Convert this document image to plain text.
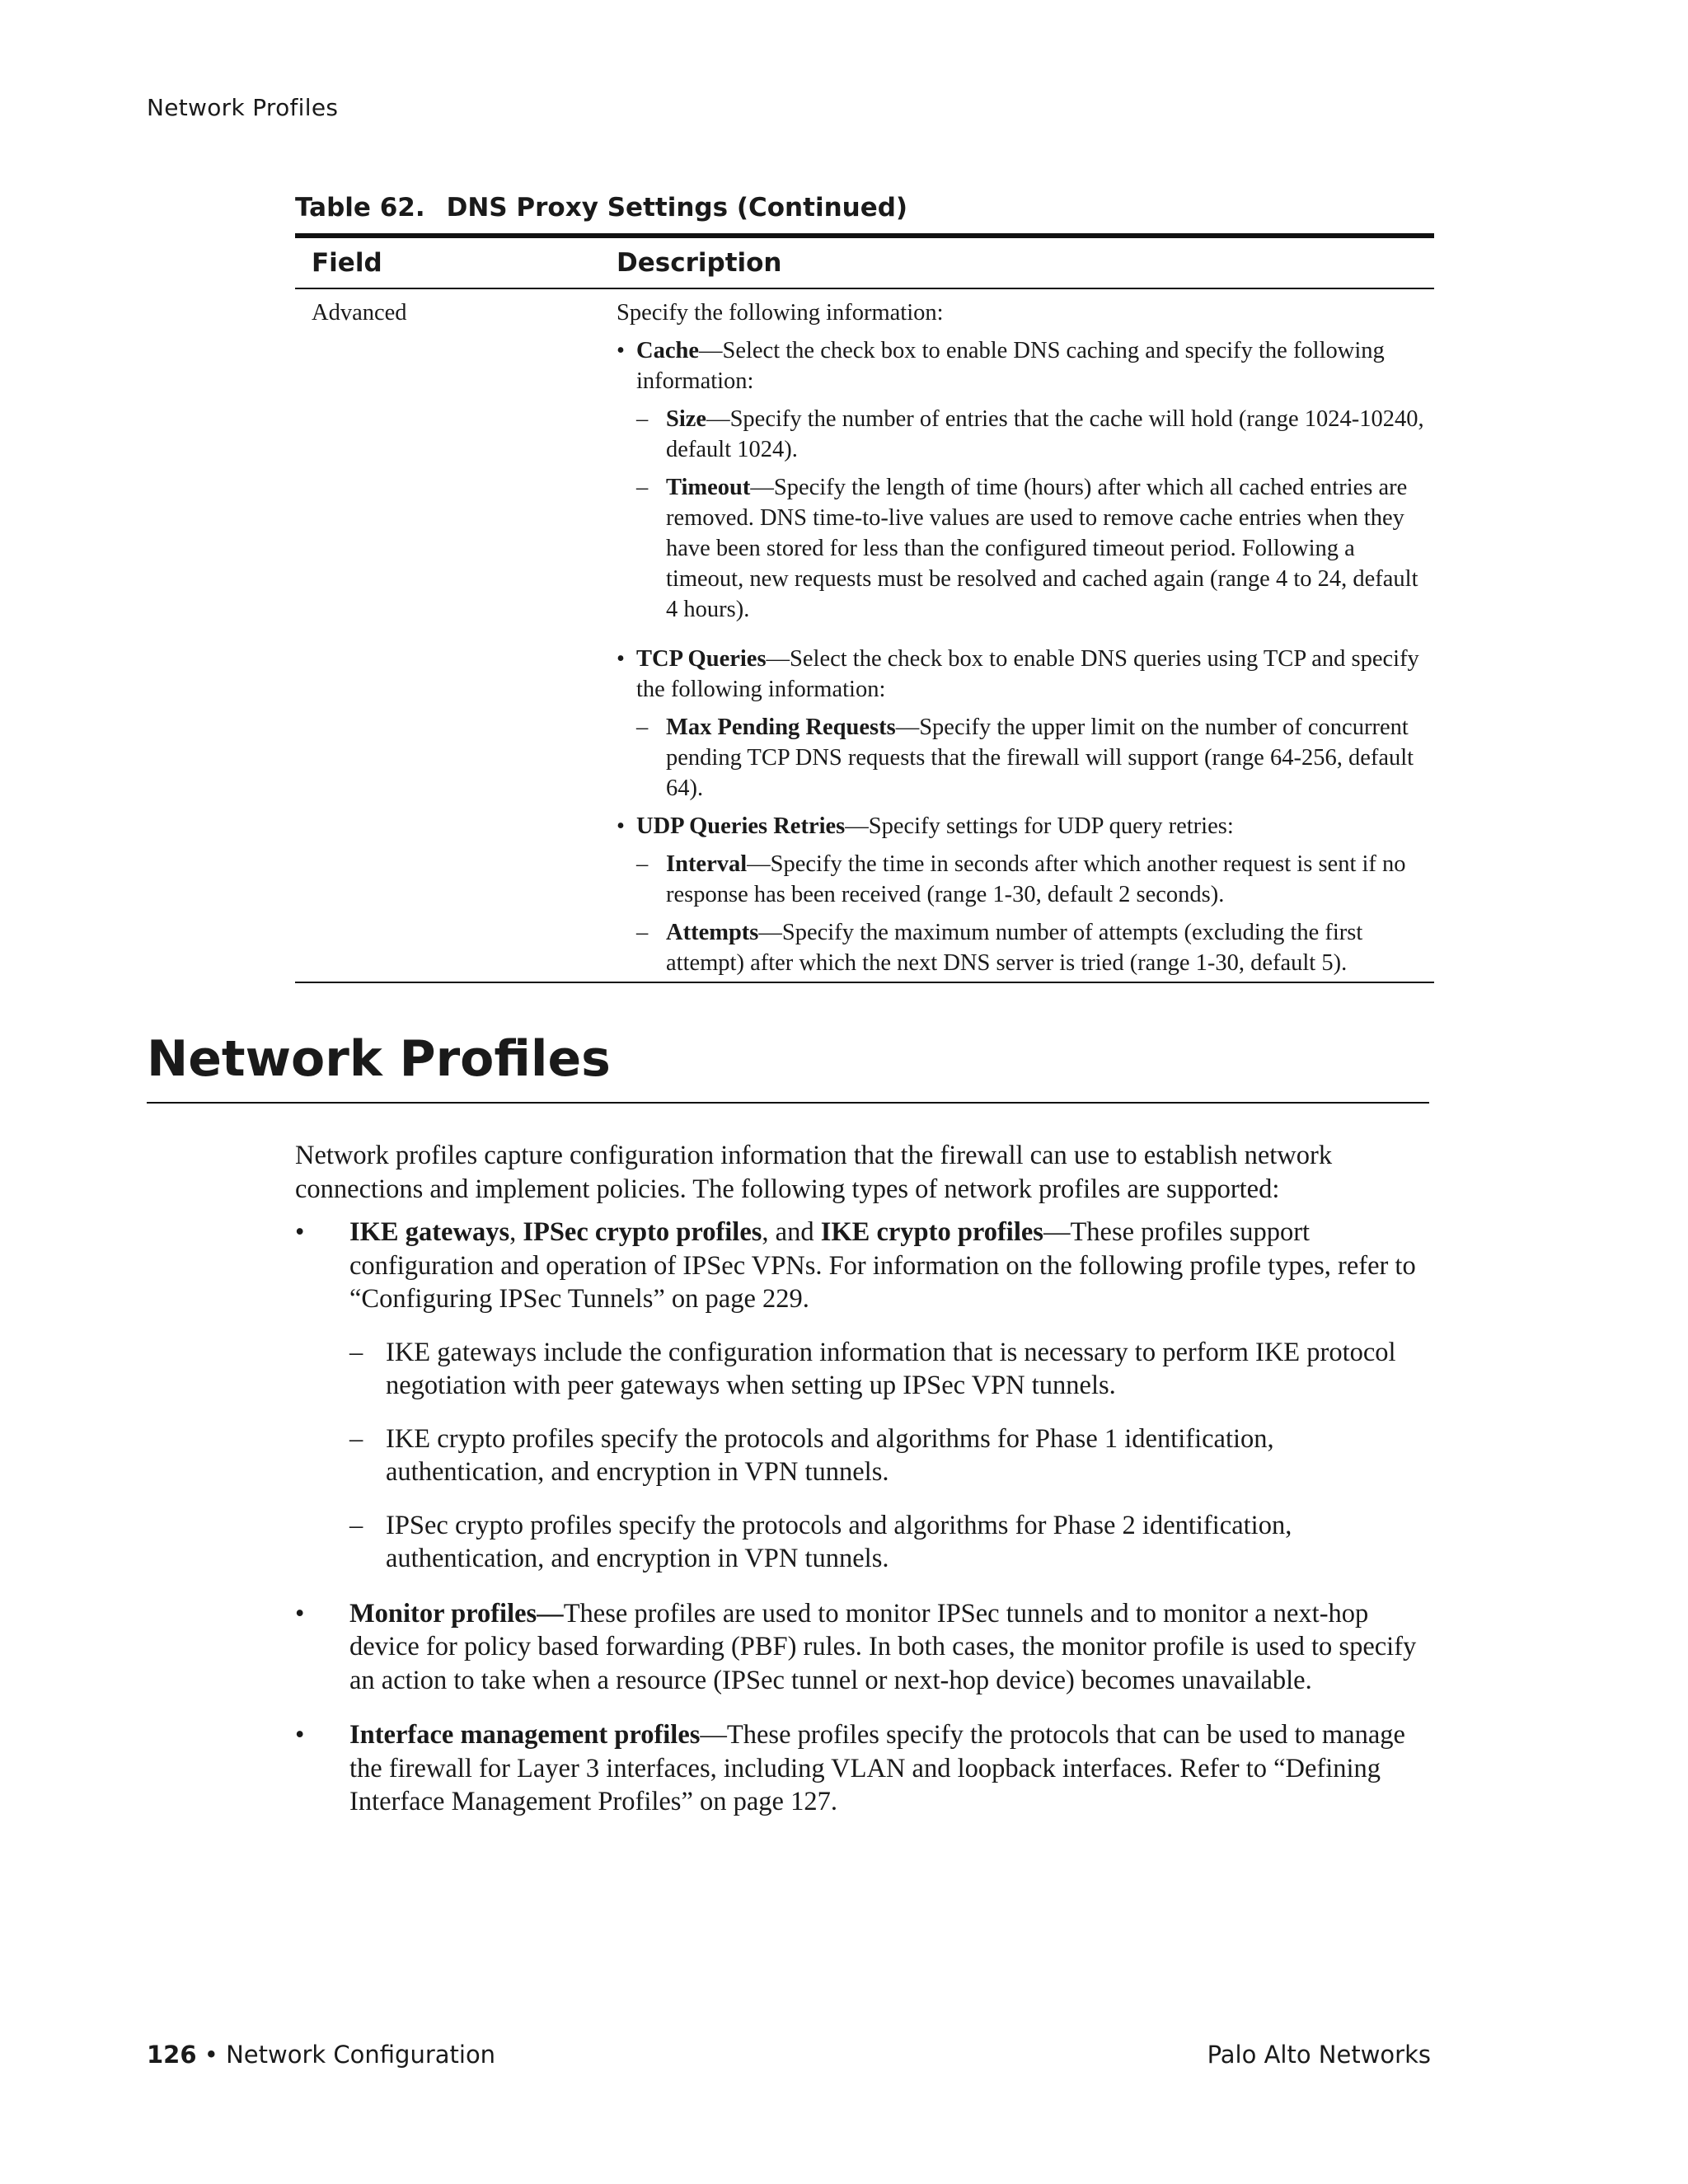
Network Profiles
Table 62. DNS Proxy Settings (Continued)
Field	Description
Advanced	Specify the following information:

• Cache—Select the check box to enable DNS caching and specify the following information:
– Size—Specify the number of entries that the cache will hold (range 1024-10240, default 1024).
– Timeout—Specify the length of time (hours) after which all cached entries are removed. DNS time-to-live values are used to remove cache entries when they have been stored for less than the configured timeout period. Following a timeout, new requests must be resolved and cached again (range 4 to 24, default 4 hours).
• TCP Queries—Select the check box to enable DNS queries using TCP and specify the following information:
– Max Pending Requests—Specify the upper limit on the number of concurrent pending TCP DNS requests that the firewall will support (range 64-256, default 64).
• UDP Queries Retries—Specify settings for UDP query retries:
– Interval—Specify the time in seconds after which another request is sent if no response has been received (range 1-30, default 2 seconds).
– Attempts—Specify the maximum number of attempts (excluding the first attempt) after which the next DNS server is tried (range 1-30, default 5).
Network Profiles

Network profiles capture configuration information that the firewall can use to establish network connections and implement policies. The following types of network profiles are supported:

• IKE gateways, IPSec crypto profiles, and IKE crypto profiles—These profiles support configuration and operation of IPSec VPNs. For information on the following profile types, refer to “Configuring IPSec Tunnels” on page 229.
– IKE gateways include the configuration information that is necessary to perform IKE protocol negotiation with peer gateways when setting up IPSec VPN tunnels.
– IKE crypto profiles specify the protocols and algorithms for Phase 1 identification, authentication, and encryption in VPN tunnels.
– IPSec crypto profiles specify the protocols and algorithms for Phase 2 identification, authentication, and encryption in VPN tunnels.
• Monitor profiles—These profiles are used to monitor IPSec tunnels and to monitor a next-hop device for policy based forwarding (PBF) rules. In both cases, the monitor profile is used to specify an action to take when a resource (IPSec tunnel or next-hop device) becomes unavailable.
• Interface management profiles—These profiles specify the protocols that can be used to manage the firewall for Layer 3 interfaces, including VLAN and loopback interfaces. Refer to “Defining Interface Management Profiles” on page 127.
126 • Network Configuration	Palo Alto Networks
